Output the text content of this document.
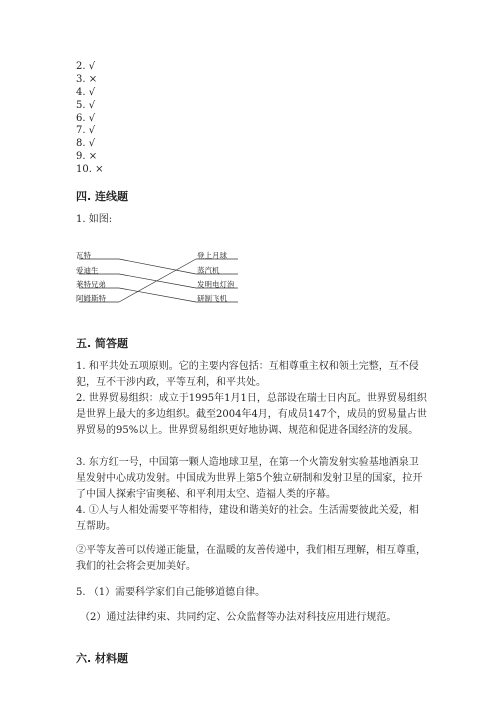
2. √
3. ×
4. √
5. √
6. √
7. √
8. √
9. ×
10. ×
四. 连线题
1. 如图:
瓦特
爱迪生
莱特兄弟
阿姆斯特
登上月球
蒸汽机
发明电灯泡
研制飞机
五. 简答题
1. 和平共处五项原则。它的主要内容包括：互相尊重主权和领土完整，互不侵犯，互不干涉内政，平等互利，和平共处。
2. 世界贸易组织：成立于1995年1月1日，总部设在瑞士日内瓦。世界贸易组织是世界上最大的多边组织。截至2004年4月，有成员147个，成员的贸易量占世界贸易的95%以上。世界贸易组织更好地协调、规范和促进各国经济的发展。
3. 东方红一号，中国第一颗人造地球卫星，在第一个火箭发射实验基地酒泉卫星发射中心成功发射。中国成为世界上第5个独立研制和发射卫星的国家，拉开了中国人探索宇宙奥秘、和平利用太空、造福人类的序幕。
4. ①人与人相处需要平等相待，建设和谐美好的社会。生活需要彼此关爱，相互帮助。
②平等友善可以传递正能量，在温暖的友善传递中，我们相互理解，相互尊重，我们的社会将会更加美好。
5. （1）需要科学家们自己能够道德自律。
（2）通过法律约束、共同约定、公众监督等办法对科技应用进行规范。
六. 材料题
